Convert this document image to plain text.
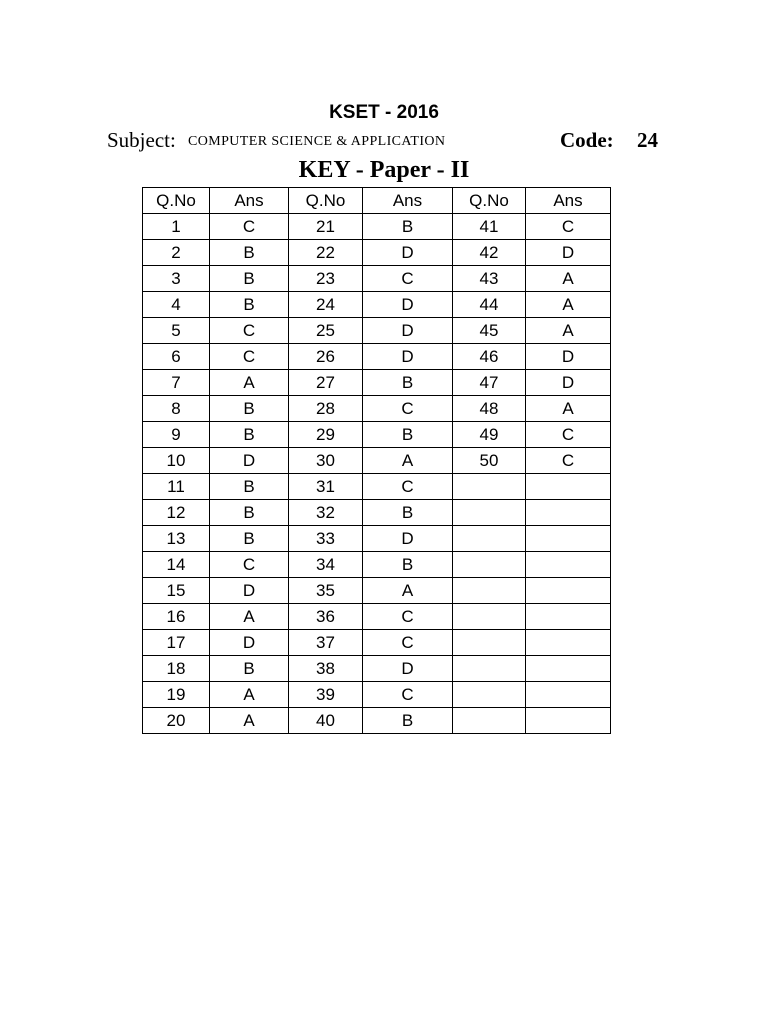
KSET - 2016
Subject: COMPUTER SCIENCE & APPLICATION	Code: 24
KEY - Paper - II
Q.No	Ans	Q.No	Ans	Q.No	Ans
1	C	21	B	41	C
2	B	22	D	42	D
3	B	23	C	43	A
4	B	24	D	44	A
5	C	25	D	45	A
6	C	26	D	46	D
7	A	27	B	47	D
8	B	28	C	48	A
9	B	29	B	49	C
10	D	30	A	50	C
11	B	31	C		
12	B	32	B		
13	B	33	D		
14	C	34	B		
15	D	35	A		
16	A	36	C		
17	D	37	C		
18	B	38	D		
19	A	39	C		
20	A	40	B		
